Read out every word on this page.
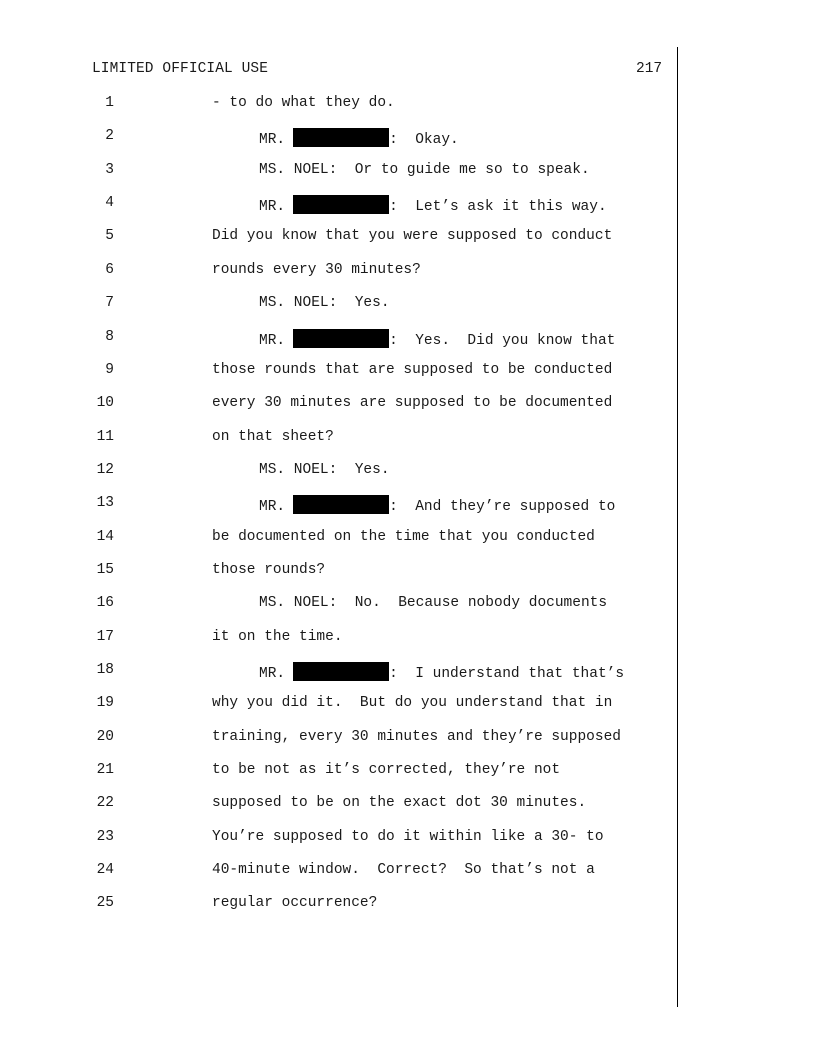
LIMITED OFFICIAL USE	217
1	- to do what they do.
2	MR.	:  Okay.
3	MS. NOEL:  Or to guide me so to speak.
4	MR.	:  Let’s ask it this way.
5	Did you know that you were supposed to conduct
6	rounds every 30 minutes?
7	MS. NOEL:  Yes.
8	MR.	:  Yes.  Did you know that
9	those rounds that are supposed to be conducted
10	every 30 minutes are supposed to be documented
11	on that sheet?
12	MS. NOEL:  Yes.
13	MR.	:  And they’re supposed to
14	be documented on the time that you conducted
15	those rounds?
16	MS. NOEL:  No.  Because nobody documents
17	it on the time.
18	MR.	:  I understand that that’s
19	why you did it.  But do you understand that in
20	training, every 30 minutes and they’re supposed
21	to be not as it’s corrected, they’re not
22	supposed to be on the exact dot 30 minutes.
23	You’re supposed to do it within like a 30- to
24	40-minute window.  Correct?  So that’s not a
25	regular occurrence?
